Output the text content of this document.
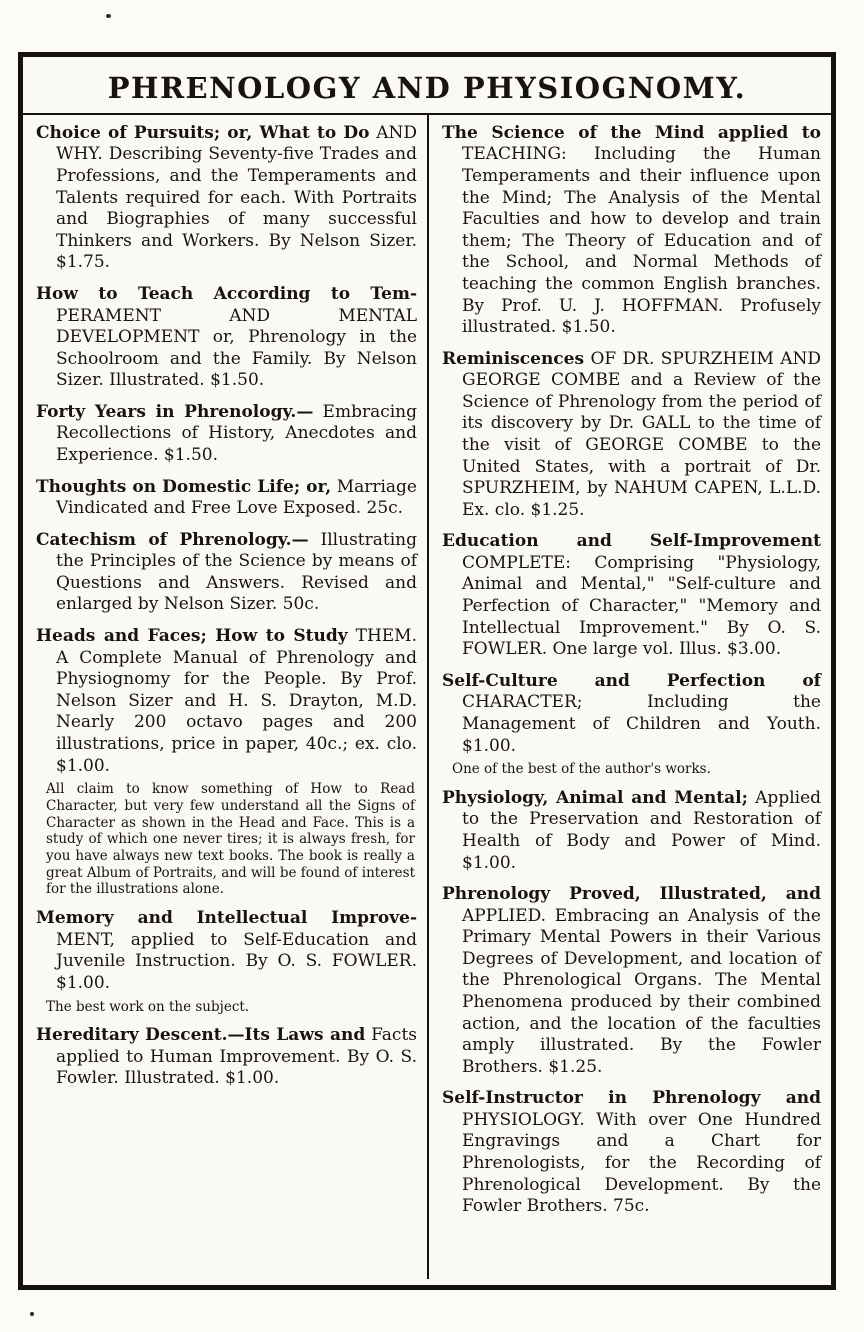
PHRENOLOGY AND PHYSIOGNOMY.

Choice of Pursuits; or, What to Do AND WHY. Describing Seventy-five Trades and Professions, and the Temperaments and Talents required for each. With Portraits and Biographies of many successful Thinkers and Workers. By Nelson Sizer. $1.75.

How to Teach According to Tem- PERAMENT AND MENTAL DEVELOPMENT or, Phrenology in the Schoolroom and the Family. By Nelson Sizer. Illustrated. $1.50.

Forty Years in Phrenology.— Embracing Recollections of History, Anecdotes and Experience. $1.50.

Thoughts on Domestic Life; or, Marriage Vindicated and Free Love Exposed. 25c.

Catechism of Phrenology.— Illustrating the Principles of the Science by means of Questions and Answers. Revised and enlarged by Nelson Sizer. 50c.

Heads and Faces; How to Study THEM. A Complete Manual of Phrenology and Physiognomy for the People. By Prof. Nelson Sizer and H. S. Drayton, M.D. Nearly 200 octavo pages and 200 illustrations, price in paper, 40c.; ex. clo. $1.00.

All claim to know something of How to Read Character, but very few understand all the Signs of Character as shown in the Head and Face. This is a study of which one never tires; it is always fresh, for you have always new text books. The book is really a great Album of Portraits, and will be found of interest for the illustrations alone.

Memory and Intellectual Improve- MENT, applied to Self-Education and Juvenile Instruction. By O. S. FOWLER. $1.00.

The best work on the subject.

Hereditary Descent.—Its Laws and Facts applied to Human Improvement. By O. S. Fowler. Illustrated. $1.00.

The Science of the Mind applied to TEACHING: Including the Human Temperaments and their influence upon the Mind; The Analysis of the Mental Faculties and how to develop and train them; The Theory of Education and of the School, and Normal Methods of teaching the common English branches. By Prof. U. J. HOFFMAN. Profusely illustrated. $1.50.

Reminiscences OF DR. SPURZHEIM AND GEORGE COMBE and a Review of the Science of Phrenology from the period of its discovery by Dr. GALL to the time of the visit of GEORGE COMBE to the United States, with a portrait of Dr. SPURZHEIM, by NAHUM CAPEN, L.L.D. Ex. clo. $1.25.

Education and Self-Improvement COMPLETE: Comprising "Physiology, Animal and Mental," "Self-culture and Perfection of Character," "Memory and Intellectual Improvement." By O. S. FOWLER. One large vol. Illus. $3.00.

Self-Culture and Perfection of CHARACTER; Including the Management of Children and Youth. $1.00.

One of the best of the author's works.

Physiology, Animal and Mental; Applied to the Preservation and Restoration of Health of Body and Power of Mind. $1.00.

Phrenology Proved, Illustrated, and APPLIED. Embracing an Analysis of the Primary Mental Powers in their Various Degrees of Development, and location of the Phrenological Organs. The Mental Phenomena produced by their combined action, and the location of the faculties amply illustrated. By the Fowler Brothers. $1.25.

Self-Instructor in Phrenology and PHYSIOLOGY. With over One Hundred Engravings and a Chart for Phrenologists, for the Recording of Phrenological Development. By the Fowler Brothers. 75c.
